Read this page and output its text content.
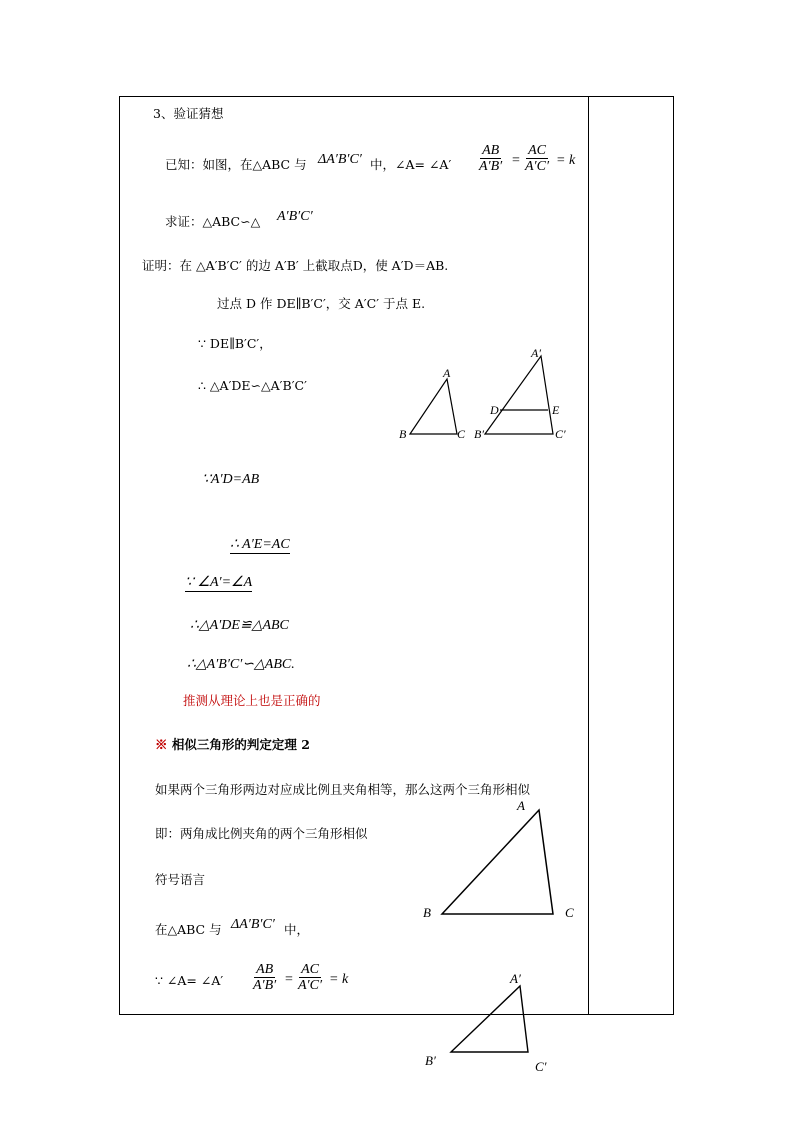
3、验证猜想
已知：如图，在△ABC 与 ΔA′B′C′ 中，∠A= ∠A′ $\frac{AB}{A'B'} = \frac{AC}{A'C'} = k$
求证：△ABC∽△ A′B′C′
证明：在 △A′B′C′ 的边 A′B′ 上截取点D，使 A′D＝AB.
过点 D 作 DE∥B′C′，交 A′C′ 于点 E.
∵ DE∥B′C′，
∴ △A′DE∽△A′B′C′
∵A′D=AB
∴ A′E=AC
∵ ∠A′=∠A
∴△A′DE≌△ABC
∴△A′B′C′∽△ABC.
推测从理论上也是正确的
※ 相似三角形的判定定理 2
如果两个三角形两边对应成比例且夹角相等，那么这两个三角形相似
即：两角成比例夹角的两个三角形相似
符号语言
在△ABC 与 ΔA′B′C′ 中，
∵ ∠A= ∠A′ $\frac{AB}{A'B'} = \frac{AC}{A'C'} = k$
A
B	C
A′
B′	C′
D	E
A
B	C
A′
B′	C′
